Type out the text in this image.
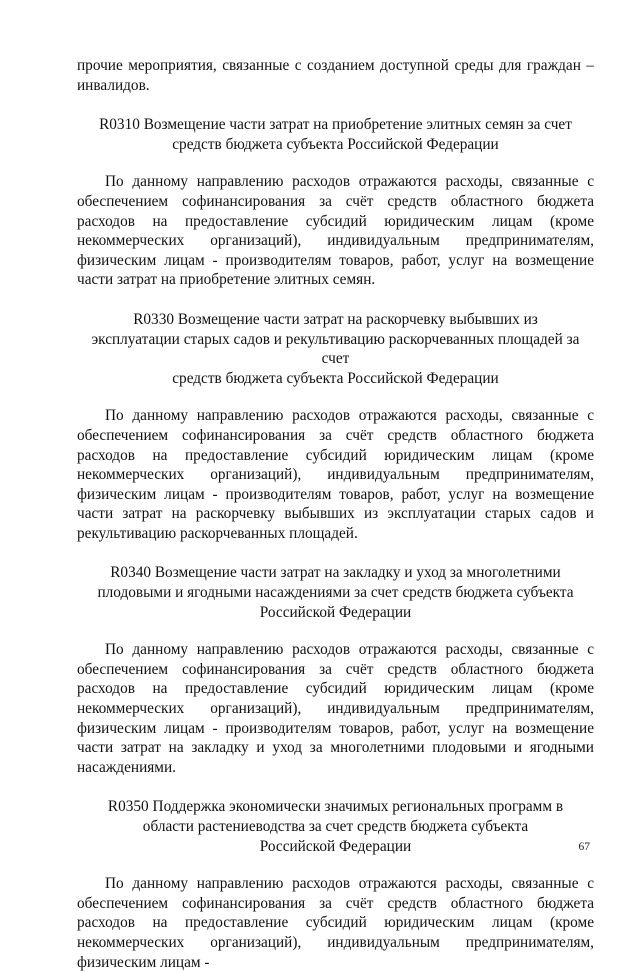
прочие мероприятия, связанные с созданием доступной среды для граждан – инвалидов.

R0310 Возмещение части затрат на приобретение элитных семян за счет
средств бюджета субъекта Российской Федерации

По данному направлению расходов отражаются расходы, связанные с обеспечением софинансирования за счёт средств областного бюджета расходов на предоставление субсидий юридическим лицам (кроме некоммерческих организаций), индивидуальным предпринимателям, физическим лицам - производителям товаров, работ, услуг на возмещение части затрат на приобретение элитных семян.

R0330 Возмещение части затрат на раскорчевку выбывших из
эксплуатации старых садов и рекультивацию раскорчеванных площадей за счет
средств бюджета субъекта Российской Федерации

По данному направлению расходов отражаются расходы, связанные с обеспечением софинансирования за счёт средств областного бюджета расходов на предоставление субсидий юридическим лицам (кроме некоммерческих организаций), индивидуальным предпринимателям, физическим лицам - производителям товаров, работ, услуг на возмещение части затрат на раскорчевку выбывших из эксплуатации старых садов и рекультивацию раскорчеванных площадей.

R0340 Возмещение части затрат на закладку и уход за многолетними
плодовыми и ягодными насаждениями за счет средств бюджета субъекта
Российской Федерации

По данному направлению расходов отражаются расходы, связанные с обеспечением софинансирования за счёт средств областного бюджета расходов на предоставление субсидий юридическим лицам (кроме некоммерческих организаций), индивидуальным предпринимателям, физическим лицам - производителям товаров, работ, услуг на возмещение части затрат на закладку и уход за многолетними плодовыми и ягодными насаждениями.

R0350 Поддержка экономически значимых региональных программ в
области растениеводства за счет средств бюджета субъекта
Российской Федерации

По данному направлению расходов отражаются расходы, связанные с обеспечением софинансирования за счёт средств областного бюджета расходов на предоставление субсидий юридическим лицам (кроме некоммерческих организаций), индивидуальным предпринимателям, физическим лицам -

67
